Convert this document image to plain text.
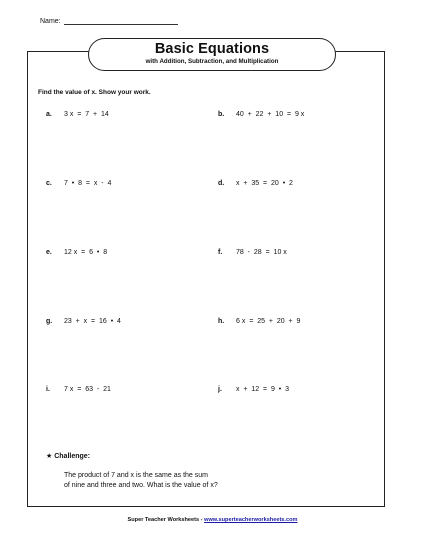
Name:
Basic Equations
with Addition, Subtraction, and Multiplication
Find the value of x. Show your work.
a.	3 x  =  7  +  14	b.	40  +  22  +  10  =  9 x
c.	7  •  8  =  x  -  4	d.	x  +  35  =  20  •  2
e.	12 x  =  6  •  8	f.	78  -  28  =  10 x
g.	23  +  x  =  16  •  4	h.	6 x  =  25  +  20  +  9
i.	7 x  =  63  -  21	j.	x  +  12  =  9  •  3
★ Challenge:
The product of 7 and x is the same as the sum
of nine and three and two. What is the value of x?
Super Teacher Worksheets - www.superteacherworksheets.com
